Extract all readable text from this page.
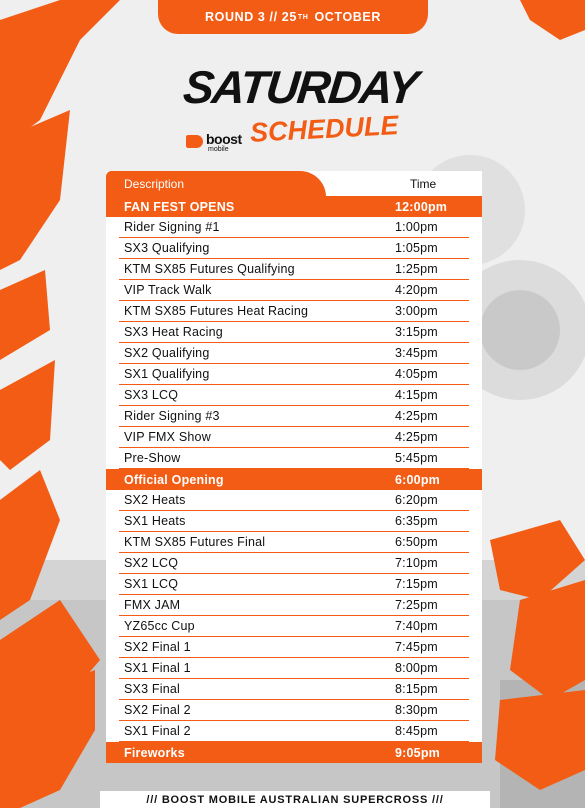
ROUND 3 // 25 TH
OCTOBER
SATURDAY
boost
mobile
SCHEDULE
Description	Time
FAN FEST OPENS	12:00pm
Rider Signing #1	1:00pm
SX3 Qualifying	1:05pm
KTM SX85 Futures Qualifying	1:25pm
VIP Track Walk	4:20pm
KTM SX85 Futures Heat Racing	3:00pm
SX3 Heat Racing	3:15pm
SX2 Qualifying	3:45pm
SX1 Qualifying	4:05pm
SX3 LCQ	4:15pm
Rider Signing #3	4:25pm
VIP FMX Show	4:25pm
Pre-Show	5:45pm
Official Opening	6:00pm
SX2 Heats	6:20pm
SX1 Heats	6:35pm
KTM SX85 Futures Final	6:50pm
SX2 LCQ	7:10pm
SX1 LCQ	7:15pm
FMX JAM	7:25pm
YZ65cc Cup	7:40pm
SX2 Final 1	7:45pm
SX1 Final 1	8:00pm
SX3 Final	8:15pm
SX2 Final 2	8:30pm
SX1 Final 2	8:45pm
Fireworks	9:05pm
/// BOOST MOBILE AUSTRALIAN SUPERCROSS ///
